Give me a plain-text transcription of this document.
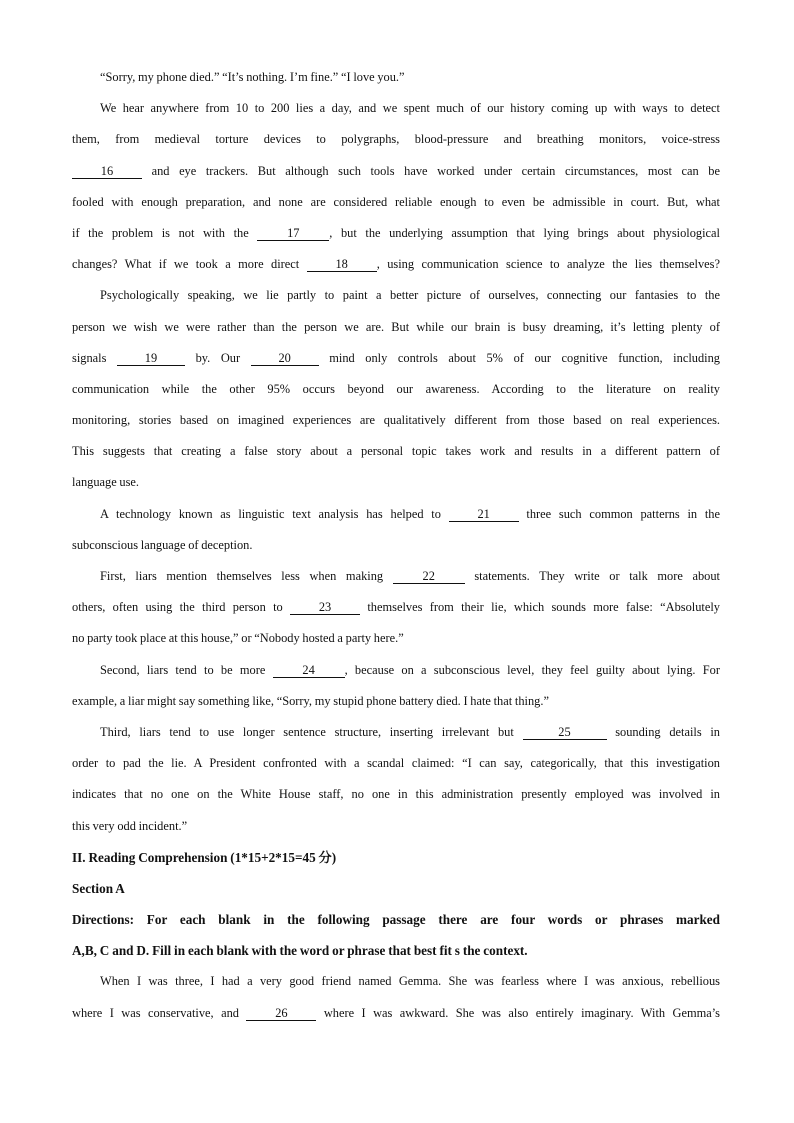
“Sorry, my phone died.” “It’s nothing. I’m fine.” “I love you.”
We hear anywhere from 10 to 200 lies a day, and we spent much of our history coming up with ways to detect
them, from medieval torture devices to polygraphs, blood-pressure and breathing monitors, voice-stress
16 and eye trackers. But although such tools have worked under certain circumstances, most can be
fooled with enough preparation, and none are considered reliable enough to even be admissible in court. But, what
if the problem is not with the 17 , but the underlying assumption that lying brings about physiological
changes? What if we took a more direct 18 , using communication science to analyze the lies themselves?
Psychologically speaking, we lie partly to paint a better picture of ourselves, connecting our fantasies to the
person we wish we were rather than the person we are. But while our brain is busy dreaming, it’s letting plenty of
signals 19 by. Our 20 mind only controls about 5% of our cognitive function, including
communication while the other 95% occurs beyond our awareness. According to the literature on reality
monitoring, stories based on imagined experiences are qualitatively different from those based on real experiences.
This suggests that creating a false story about a personal topic takes work and results in a different pattern of
language use.
A technology known as linguistic text analysis has helped to 21 three such common patterns in the
subconscious language of deception.
First, liars mention themselves less when making 22 statements. They write or talk more about
others, often using the third person to 23 themselves from their lie, which sounds more false: “Absolutely
no party took place at this house,” or “Nobody hosted a party here.”
Second, liars tend to be more 24 , because on a subconscious level, they feel guilty about lying. For
example, a liar might say something like, “Sorry, my stupid phone battery died. I hate that thing.”
Third, liars tend to use longer sentence structure, inserting irrelevant but	25	sounding details in
order to pad the lie. A President confronted with a scandal claimed: “I can say, categorically, that this investigation
indicates that no one on the White House staff, no one in this administration presently employed was involved in
this very odd incident.”
II. Reading Comprehension (1*15+2*15=45 分)
Section A
Directions: For each blank in the following passage there are four words or phrases marked
A,B, C and D. Fill in each blank with the word or phrase that best fit s the context.
When I was three, I had a very good friend named Gemma. She was fearless where I was anxious, rebellious
where I was conservative, and 26 where I was awkward. She was also entirely imaginary. With Gemma’s
